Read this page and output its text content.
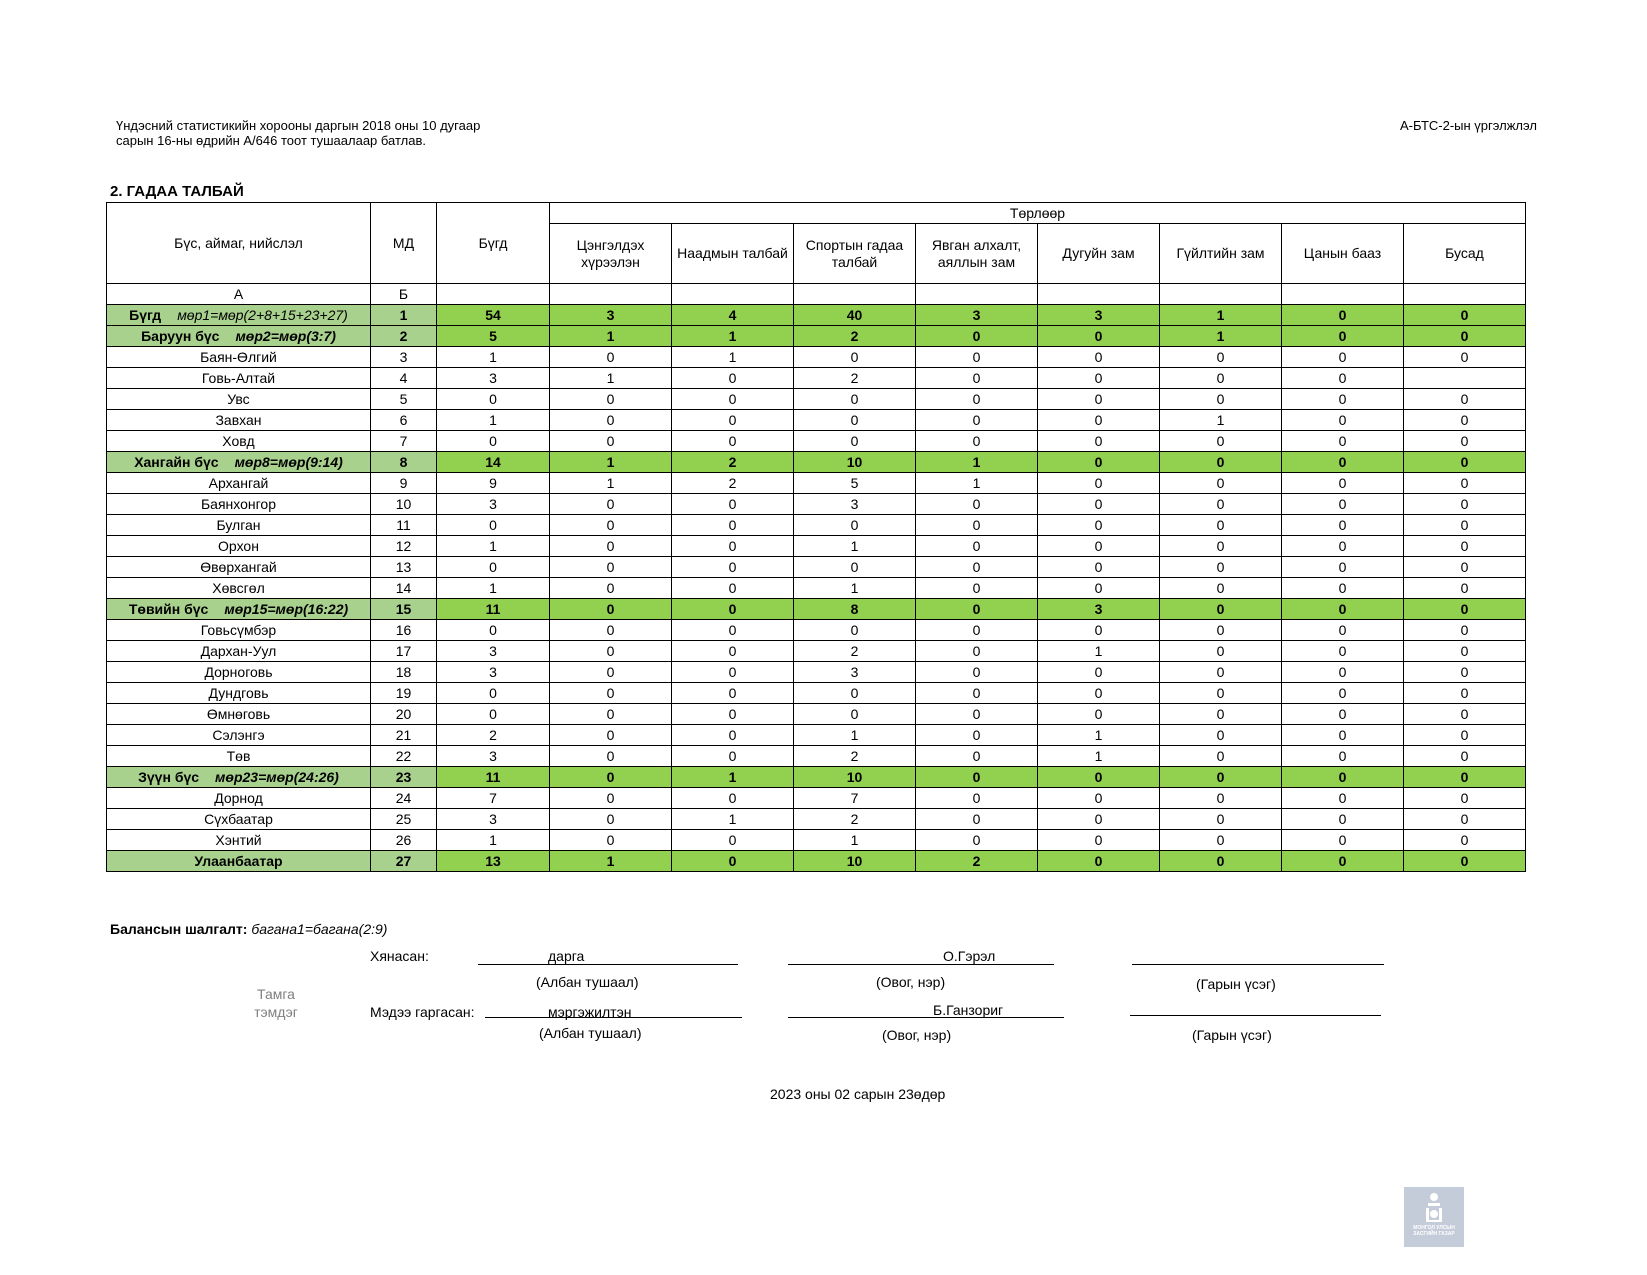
Үндэсний статистикийн хорооны даргын 2018 оны 10 дугаар
сарын 16-ны өдрийн А/646 тоот тушаалаар батлав.
А-БТС-2-ын үргэлжлэл
2. ГАДАА ТАЛБАЙ
Бүс, аймаг, нийслэл	МД	Бүгд	Төрлөөр							
			Цэнгэлдэх хүрээлэн	Наадмын талбай	Спортын гадаа талбай	Явган алхалт, аяллын зам	Дугуйн зам	Гүйлтийн зам	Цанын бааз	Бусад
А	Б									
Бүгд мөр1=мөр(2+8+15+23+27)	1	54	3	4	40	3	3	1	0	0
Баруун бүс мөр2=мөр(3:7)	2	5	1	1	2	0	0	1	0	0
Баян-Өлгий	3	1	0	1	0	0	0	0	0	0
Говь-Алтай	4	3	1	0	2	0	0	0	0	
Увс	5	0	0	0	0	0	0	0	0	0
Завхан	6	1	0	0	0	0	0	1	0	0
Ховд	7	0	0	0	0	0	0	0	0	0
Хангайн бүс мөр8=мөр(9:14)	8	14	1	2	10	1	0	0	0	0
Архангай	9	9	1	2	5	1	0	0	0	0
Баянхонгор	10	3	0	0	3	0	0	0	0	0
Булган	11	0	0	0	0	0	0	0	0	0
Орхон	12	1	0	0	1	0	0	0	0	0
Өвөрхангай	13	0	0	0	0	0	0	0	0	0
Хөвсгөл	14	1	0	0	1	0	0	0	0	0
Төвийн бүс мөр15=мөр(16:22)	15	11	0	0	8	0	3	0	0	0
Говьсүмбэр	16	0	0	0	0	0	0	0	0	0
Дархан-Уул	17	3	0	0	2	0	1	0	0	0
Дорноговь	18	3	0	0	3	0	0	0	0	0
Дундговь	19	0	0	0	0	0	0	0	0	0
Өмнөговь	20	0	0	0	0	0	0	0	0	0
Сэлэнгэ	21	2	0	0	1	0	1	0	0	0
Төв	22	3	0	0	2	0	1	0	0	0
Зүүн бүс мөр23=мөр(24:26)	23	11	0	1	10	0	0	0	0	0
Дорнод	24	7	0	0	7	0	0	0	0	0
Сүхбаатар	25	3	0	1	2	0	0	0	0	0
Хэнтий	26	1	0	0	1	0	0	0	0	0
Улаанбаатар	27	13	1	0	10	2	0	0	0	0
Балансын шалгалт: багана1=багана(2:9)
Тамга тэмдэг
Хянасан:	дарга	О.Гэрэл
(Албан тушаал)	(Овог, нэр)	(Гарын үсэг)
Мэдээ гаргасан:	мэргэжилтэн	Б.Ганзориг
(Албан тушаал)	(Овог, нэр)	(Гарын үсэг)
2023 оны 02 сарын 23өдөр
МОНГОЛ УЛСЫН
ЗАСГИЙН ГАЗАР
